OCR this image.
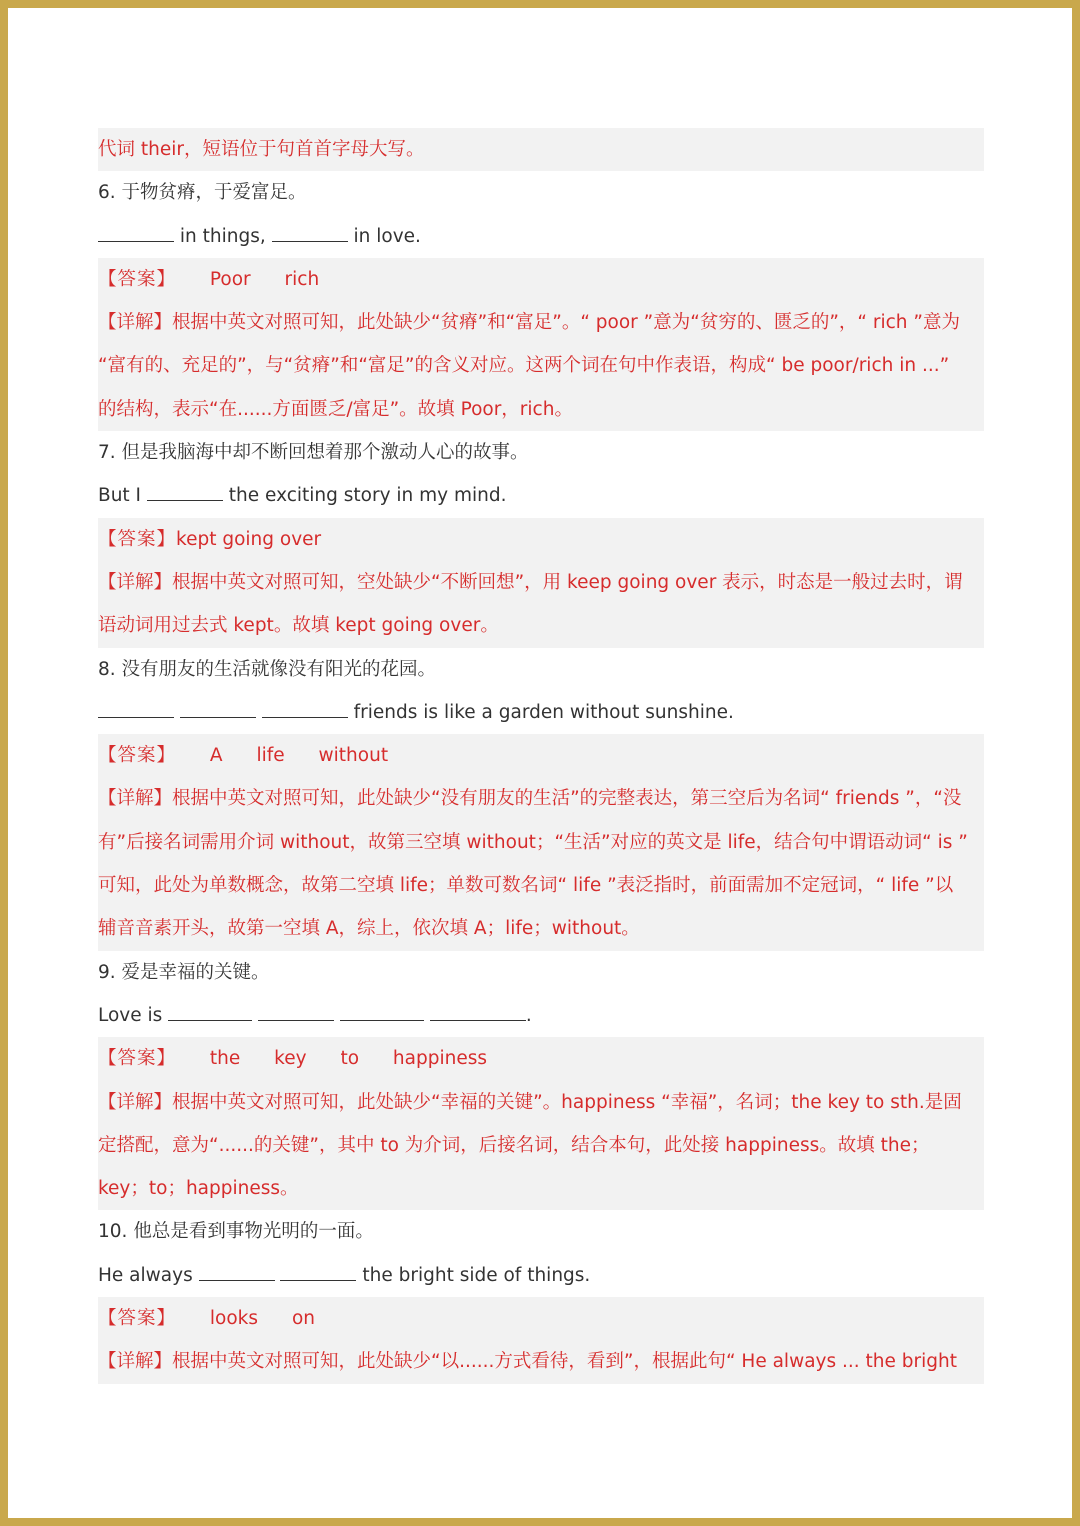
代词 their，短语位于句首首字母大写。
6. 于物贫瘠，于爱富足。
in things,	in love.
【答案】 Poor rich
【详解】根据中英文对照可知，此处缺少“贫瘠”和“富足”。“ poor ”意为“贫穷的、匮乏的”，“ rich ”意为
“富有的、充足的”，与“贫瘠”和“富足”的含义对应。这两个词在句中作表语，构成“ be poor/rich in ...”
的结构，表示“在......方面匮乏/富足”。故填 Poor，rich。
7. 但是我脑海中却不断回想着那个激动人心的故事。
But I	the exciting story in my mind.
【答案】kept going over
【详解】根据中英文对照可知，空处缺少“不断回想”，用 keep going over 表示，时态是一般过去时，谓
语动词用过去式 kept。故填 kept going over。
8. 没有朋友的生活就像没有阳光的花园。
friends is like a garden without sunshine.
【答案】 A life without
【详解】根据中英文对照可知，此处缺少“没有朋友的生活”的完整表达，第三空后为名词“ friends ”，“没
有”后接名词需用介词 without，故第三空填 without；“生活”对应的英文是 life，结合句中谓语动词“ is ”
可知，此处为单数概念，故第二空填 life；单数可数名词“ life ”表泛指时，前面需加不定冠词，“ life ”以
辅音音素开头，故第一空填 A，综上，依次填 A；life；without。
9. 爱是幸福的关键。
Love is	.
【答案】 the key to happiness
【详解】根据中英文对照可知，此处缺少“幸福的关键”。happiness “幸福”，名词；the key to sth.是固
定搭配，意为“......的关键”，其中 to 为介词，后接名词，结合本句，此处接 happiness。故填 the；
key；to；happiness。
10. 他总是看到事物光明的一面。
He always	the bright side of things.
【答案】 looks on
【详解】根据中英文对照可知，此处缺少“以......方式看待，看到”，根据此句“ He always ... the bright
